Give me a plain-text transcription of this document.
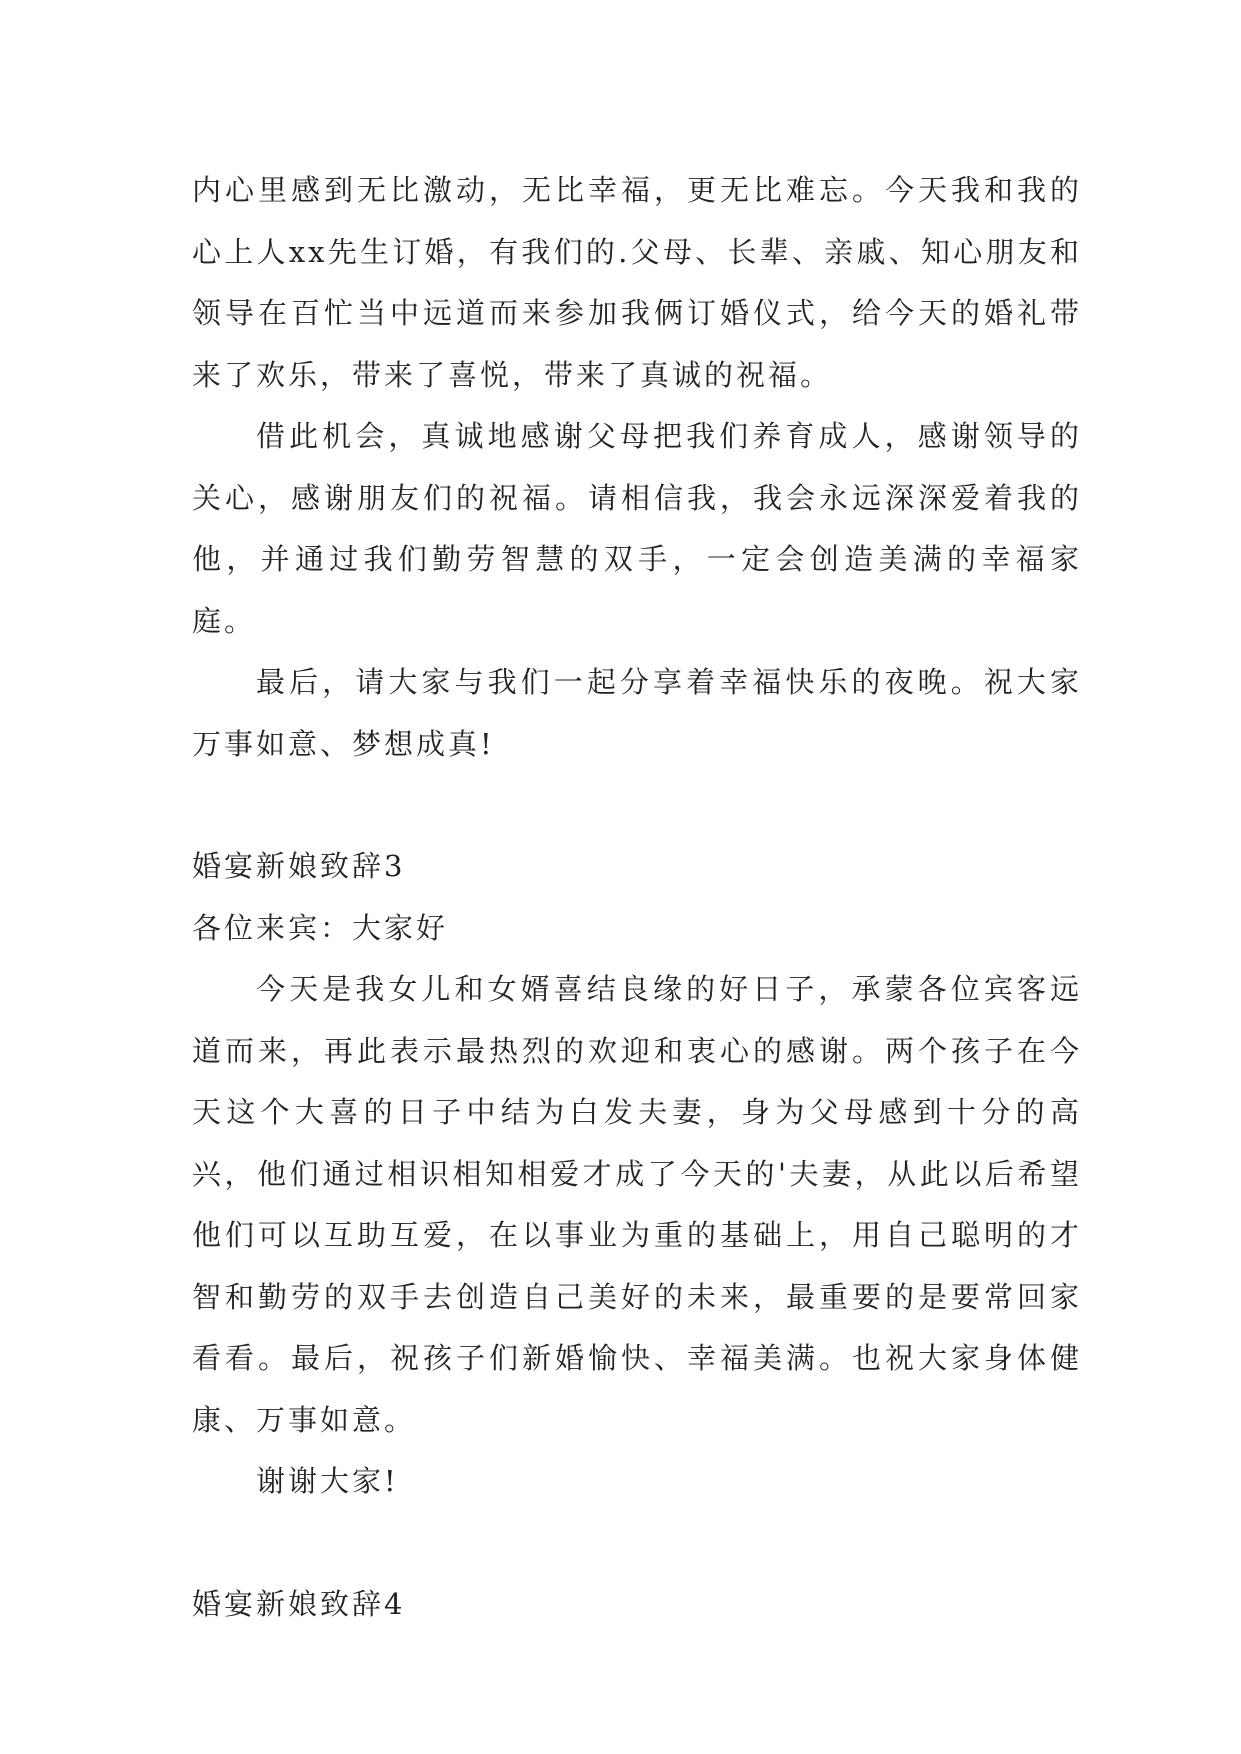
内心里感到无比激动，无比幸福，更无比难忘。今天我和我的心上人xx先生订婚，有我们的.父母、长辈、亲戚、知心朋友和领导在百忙当中远道而来参加我俩订婚仪式，给今天的婚礼带来了欢乐，带来了喜悦，带来了真诚的祝福。

借此机会，真诚地感谢父母把我们养育成人，感谢领导的关心，感谢朋友们的祝福。请相信我，我会永远深深爱着我的他，并通过我们勤劳智慧的双手，一定会创造美满的幸福家庭。

最后，请大家与我们一起分享着幸福快乐的夜晚。祝大家万事如意、梦想成真!

婚宴新娘致辞3

各位来宾：大家好

今天是我女儿和女婿喜结良缘的好日子，承蒙各位宾客远道而来，再此表示最热烈的欢迎和衷心的感谢。两个孩子在今天这个大喜的日子中结为白发夫妻，身为父母感到十分的高兴，他们通过相识相知相爱才成了今天的'夫妻，从此以后希望他们可以互助互爱，在以事业为重的基础上，用自己聪明的才智和勤劳的双手去创造自己美好的未来，最重要的是要常回家看看。最后，祝孩子们新婚愉快、幸福美满。也祝大家身体健康、万事如意。

谢谢大家!

婚宴新娘致辞4
